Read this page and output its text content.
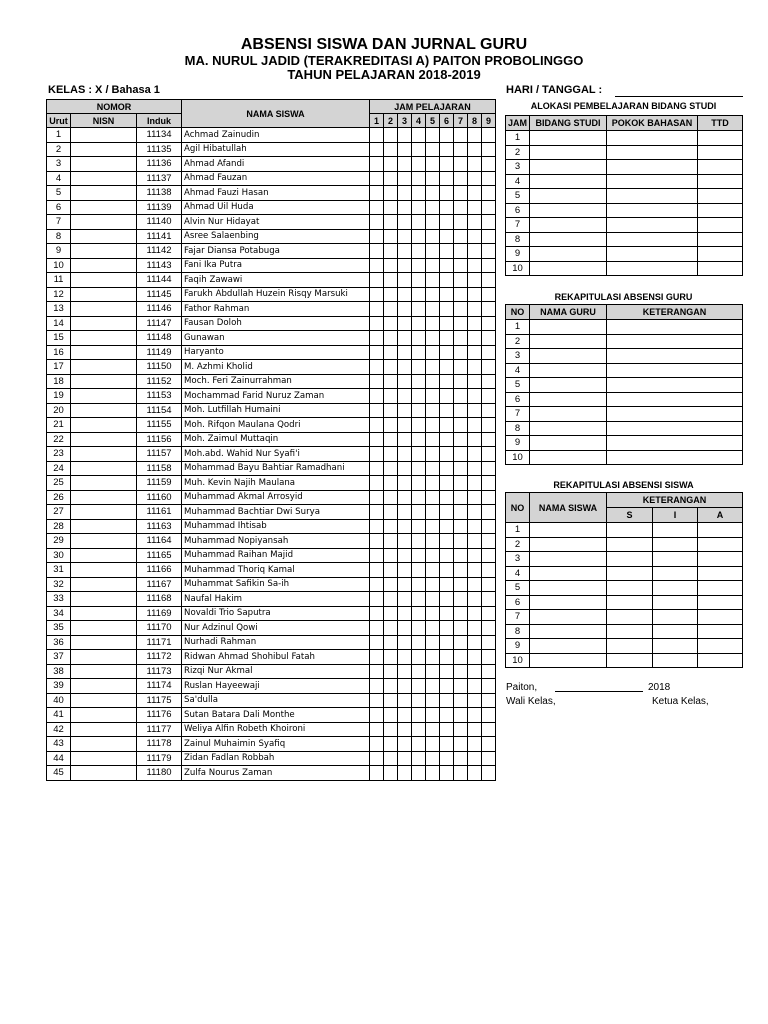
ABSENSI SISWA DAN JURNAL GURU
MA. NURUL JADID (TERAKREDITASI A) PAITON PROBOLINGGO
TAHUN PELAJARAN 2018-2019
KELAS : X / Bahasa 1	HARI / TANGGAL :
NOMOR			NAMA SISWA	JAM PELAJARAN								
Urut	NISN	Induk		1	2	3	4	5	6	7	8	9
1		11134	Achmad Zainudin									
2		11135	Agil Hibatullah									
3		11136	Ahmad Afandi									
4		11137	Ahmad Fauzan									
5		11138	Ahmad Fauzi Hasan									
6		11139	Ahmad Uil Huda									
7		11140	Alvin Nur Hidayat									
8		11141	Asree Salaenbing									
9		11142	Fajar Diansa Potabuga									
10		11143	Fani Ika Putra									
11		11144	Faqih Zawawi									
12		11145	Farukh Abdullah Huzein Risqy Marsuki									
13		11146	Fathor Rahman									
14		11147	Fausan Doloh									
15		11148	Gunawan									
16		11149	Haryanto									
17		11150	M. Azhmi Kholid									
18		11152	Moch. Feri Zainurrahman									
19		11153	Mochammad Farid Nuruz Zaman									
20		11154	Moh. Lutfillah Humaini									
21		11155	Moh. Rifqon Maulana Qodri									
22		11156	Moh. Zaimul Muttaqin									
23		11157	Moh.abd. Wahid Nur Syafi'i									
24		11158	Mohammad Bayu Bahtiar Ramadhani									
25		11159	Muh. Kevin Najih Maulana									
26		11160	Muhammad Akmal Arrosyid									
27		11161	Muhammad Bachtiar Dwi Surya									
28		11163	Muhammad Ihtisab									
29		11164	Muhammad Nopiyansah									
30		11165	Muhammad Raihan Majid									
31		11166	Muhammad Thoriq Kamal									
32		11167	Muhammat Safikin Sa-ih									
33		11168	Naufal Hakim									
34		11169	Novaldi Trio Saputra									
35		11170	Nur Adzinul Qowi									
36		11171	Nurhadi Rahman									
37		11172	Ridwan Ahmad Shohibul Fatah									
38		11173	Rizqi Nur Akmal									
39		11174	Ruslan Hayeewaji									
40		11175	Sa'dulla									
41		11176	Sutan Batara Dali Monthe									
42		11177	Weliya Alfin Robeth Khoironi									
43		11178	Zainul Muhaimin Syafiq									
44		11179	Zidan Fadlan Robbah									
45		11180	Zulfa Nourus Zaman									
ALOKASI PEMBELAJARAN BIDANG STUDI
JAM	BIDANG STUDI	POKOK BAHASAN	TTD
1			
2			
3			
4			
5			
6			
7			
8			
9			
10			
REKAPITULASI ABSENSI GURU
NO	NAMA GURU	KETERANGAN
1		
2		
3		
4		
5		
6		
7		
8		
9		
10		
REKAPITULASI ABSENSI SISWA
NO	NAMA SISWA	KETERANGAN		
		S	I	A
1				
2				
3				
4				
5				
6				
7				
8				
9				
10				
Paiton,	2018
Wali Kelas,	Ketua Kelas,
